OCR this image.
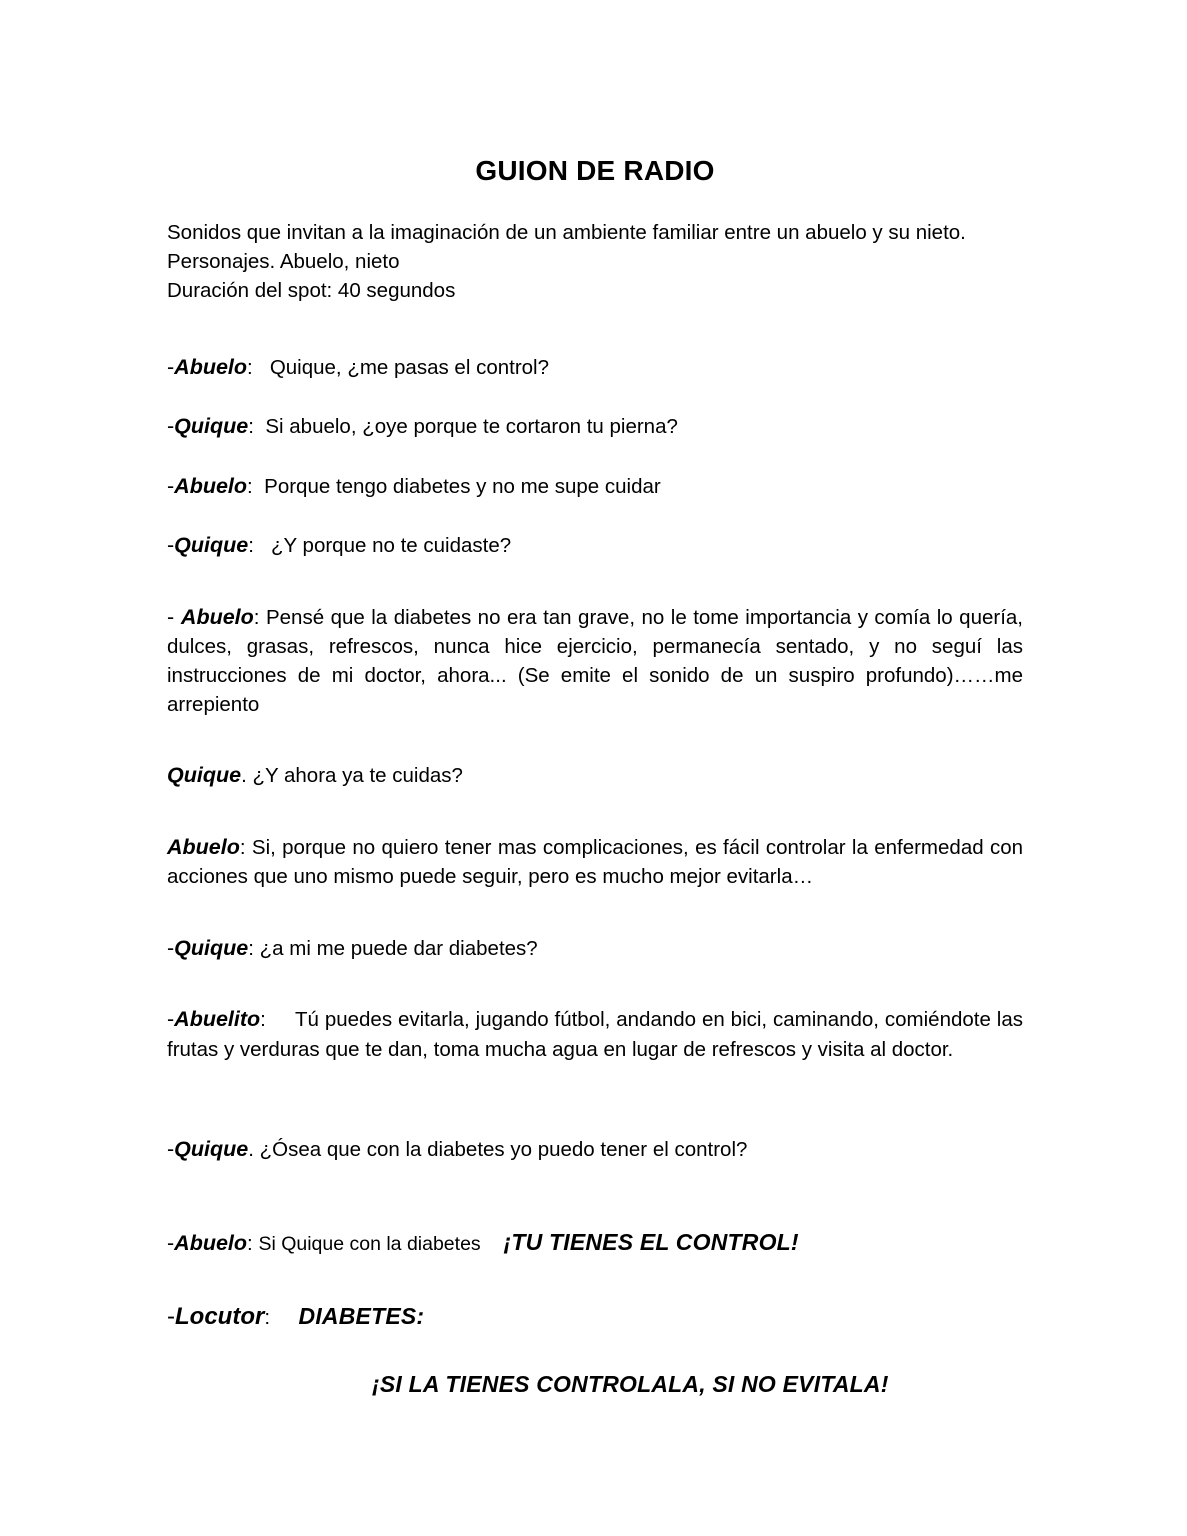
GUION DE RADIO

Sonidos que invitan a la imaginación de un ambiente familiar entre un abuelo y su nieto.
Personajes. Abuelo, nieto
Duración del spot: 40 segundos

-Abuelo: Quique, ¿me pasas el control?

-Quique: Si abuelo, ¿oye porque te cortaron tu pierna?

-Abuelo: Porque tengo diabetes y no me supe cuidar

-Quique: ¿Y porque no te cuidaste?

- Abuelo: Pensé que la diabetes no era tan grave, no le tome importancia y comía lo quería, dulces, grasas, refrescos, nunca hice ejercicio, permanecía sentado, y no seguí las instrucciones de mi doctor, ahora... (Se emite el sonido de un suspiro profundo)……me arrepiento

Quique. ¿Y ahora ya te cuidas?

Abuelo: Si, porque no quiero tener mas complicaciones, es fácil controlar la enfermedad con acciones que uno mismo puede seguir, pero es mucho mejor evitarla…

-Quique: ¿a mi me puede dar diabetes?

-Abuelito: Tú puedes evitarla, jugando fútbol, andando en bici, caminando, comiéndote las frutas y verduras que te dan, toma mucha agua en lugar de refrescos y visita al doctor.

-Quique. ¿Ósea que con la diabetes yo puedo tener el control?

-Abuelo: Si Quique con la diabetes ¡TU TIENES EL CONTROL!

-Locutor: DIABETES:

¡SI LA TIENES CONTROLALA, SI NO EVITALA!
